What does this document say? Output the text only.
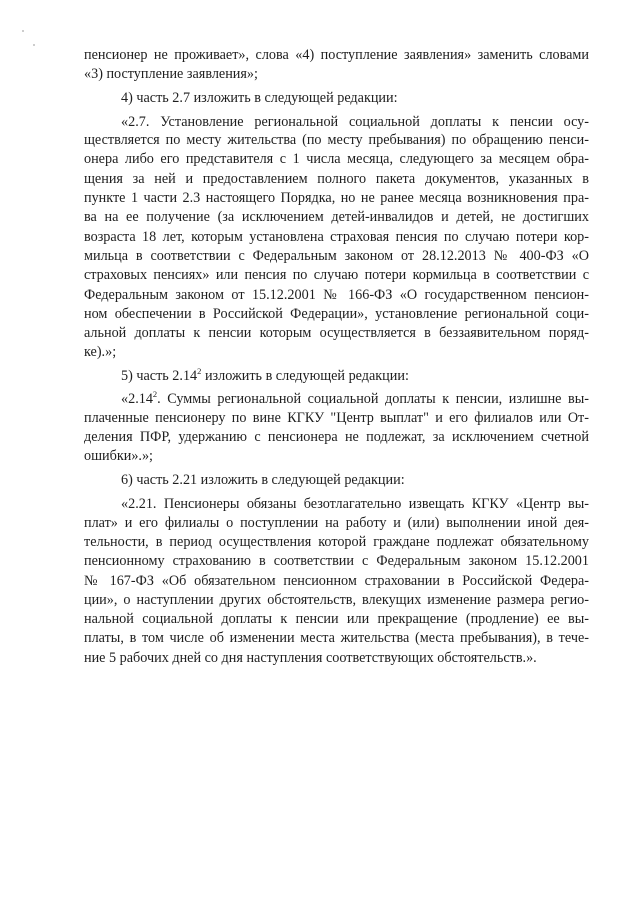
пенсионер не проживает», слова «4) поступление заявления» заменить словами
«3) поступление заявления»;
4) часть 2.7 изложить в следующей редакции:
«2.7. Установление региональной социальной доплаты к пенсии осу-
ществляется по месту жительства (по месту пребывания) по обращению пенси-
онера либо его представителя с 1 числа месяца, следующего за месяцем обра-
щения за ней и предоставлением полного пакета документов, указанных в
пункте 1 части 2.3 настоящего Порядка, но не ранее месяца возникновения пра-
ва на ее получение (за исключением детей-инвалидов и детей, не достигших
возраста 18 лет, которым установлена страховая пенсия по случаю потери кор-
мильца в соответствии с Федеральным законом от 28.12.2013 № 400-ФЗ «О
страховых пенсиях» или пенсия по случаю потери кормильца в соответствии с
Федеральным законом от 15.12.2001 № 166-ФЗ «О государственном пенсион-
ном обеспечении в Российской Федерации», установление региональной соци-
альной доплаты к пенсии которым осуществляется в беззаявительном поряд-
ке).»;
5) часть 2.14$^2$ изложить в следующей редакции:
«2.14$^2$. Суммы региональной социальной доплаты к пенсии, излишне вы-
плаченные пенсионеру по вине КГКУ "Центр выплат" и его филиалов или От-
деления ПФР, удержанию с пенсионера не подлежат, за исключением счетной
ошибки».»;
6) часть 2.21 изложить в следующей редакции:
«2.21. Пенсионеры обязаны безотлагательно извещать КГКУ «Центр вы-
плат» и его филиалы о поступлении на работу и (или) выполнении иной дея-
тельности, в период осуществления которой граждане подлежат обязательному
пенсионному страхованию в соответствии с Федеральным законом 15.12.2001
№ 167-ФЗ «Об обязательном пенсионном страховании в Российской Федера-
ции», о наступлении других обстоятельств, влекущих изменение размера регио-
нальной социальной доплаты к пенсии или прекращение (продление) ее вы-
платы, в том числе об изменении места жительства (места пребывания), в тече-
ние 5 рабочих дней со дня наступления соответствующих обстоятельств.».
